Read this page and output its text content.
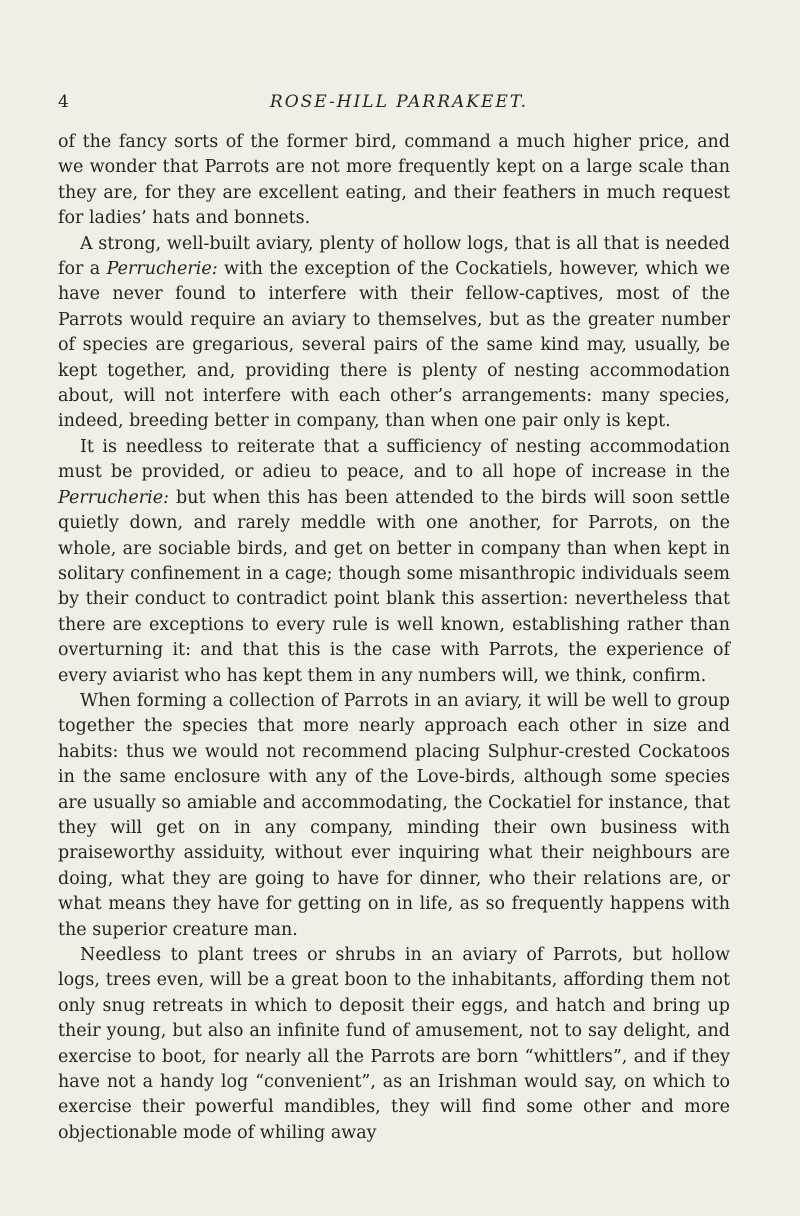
4	ROSE-HILL PARRAKEET.

of the fancy sorts of the former bird, command a much higher price, and we wonder that Parrots are not more frequently kept on a large scale than they are, for they are excellent eating, and their feathers in much request for ladies’ hats and bonnets.

A strong, well-built aviary, plenty of hollow logs, that is all that is needed for a Perrucherie: with the exception of the Cockatiels, however, which we have never found to interfere with their fellow-captives, most of the Parrots would require an aviary to themselves, but as the greater number of species are gregarious, several pairs of the same kind may, usually, be kept together, and, providing there is plenty of nesting accommodation about, will not interfere with each other’s arrangements: many species, indeed, breeding better in company, than when one pair only is kept.

It is needless to reiterate that a sufficiency of nesting accommodation must be provided, or adieu to peace, and to all hope of increase in the Perrucherie: but when this has been attended to the birds will soon settle quietly down, and rarely meddle with one another, for Parrots, on the whole, are sociable birds, and get on better in company than when kept in solitary confinement in a cage; though some misanthropic individuals seem by their conduct to contradict point blank this assertion: nevertheless that there are exceptions to every rule is well known, establishing rather than overturning it: and that this is the case with Parrots, the experience of every aviarist who has kept them in any numbers will, we think, confirm.

When forming a collection of Parrots in an aviary, it will be well to group together the species that more nearly approach each other in size and habits: thus we would not recommend placing Sulphur-crested Cockatoos in the same enclosure with any of the Love-birds, although some species are usually so amiable and accommodating, the Cockatiel for instance, that they will get on in any company, minding their own business with praiseworthy assiduity, without ever inquiring what their neighbours are doing, what they are going to have for dinner, who their relations are, or what means they have for getting on in life, as so frequently happens with the superior creature man.

Needless to plant trees or shrubs in an aviary of Parrots, but hollow logs, trees even, will be a great boon to the inhabitants, affording them not only snug retreats in which to deposit their eggs, and hatch and bring up their young, but also an infinite fund of amusement, not to say delight, and exercise to boot, for nearly all the Parrots are born “whittlers”, and if they have not a handy log “convenient”, as an Irishman would say, on which to exercise their powerful mandibles, they will find some other and more objectionable mode of whiling away
